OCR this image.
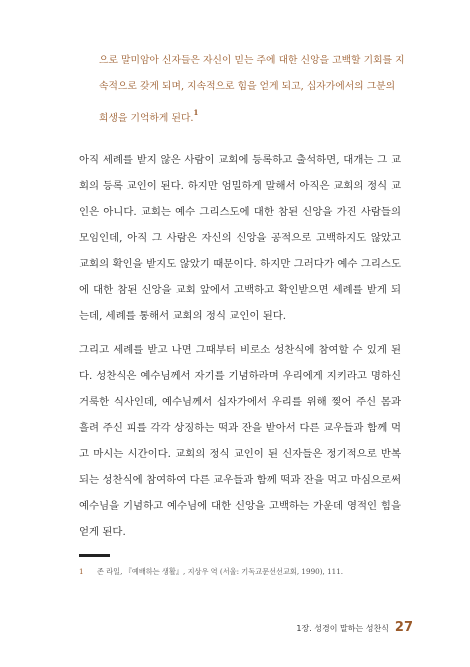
으로 말미암아 신자들은 자신이 믿는 주에 대한 신앙을 고백할 기회를 지
속적으로 갖게 되며, 지속적으로 힘을 얻게 되고, 십자가에서의 그분의
희생을 기억하게 된다.$^1$

아직 세례를 받지 않은 사람이 교회에 등록하고 출석하면, 대개는 그 교회의 등록 교인이 된다. 하지만 엄밀하게 말해서 아직은 교회의 정식 교인은 아니다. 교회는 예수 그리스도에 대한 참된 신앙을 가진 사람들의 모임인데, 아직 그 사람은 자신의 신앙을 공적으로 고백하지도 않았고 교회의 확인을 받지도 않았기 때문이다. 하지만 그러다가 예수 그리스도에 대한 참된 신앙을 교회 앞에서 고백하고 확인받으면 세례를 받게 되는데, 세례를 통해서 교회의 정식 교인이 된다.

그리고 세례를 받고 나면 그때부터 비로소 성찬식에 참여할 수 있게 된다. 성찬식은 예수님께서 자기를 기념하라며 우리에게 지키라고 명하신 거룩한 식사인데, 예수님께서 십자가에서 우리를 위해 찢어 주신 몸과 흘려 주신 피를 각각 상징하는 떡과 잔을 받아서 다른 교우들과 함께 먹고 마시는 시간이다. 교회의 정식 교인이 된 신자들은 정기적으로 반복되는 성찬식에 참여하여 다른 교우들과 함께 떡과 잔을 먹고 마심으로써 예수님을 기념하고 예수님에 대한 신앙을 고백하는 가운데 영적인 힘을 얻게 된다.

1 존 라일, 『예배하는 생활』, 지상우 역 (서울: 기독교문선선교회, 1990), 111.
1장. 성경이 말하는 성찬식 27
